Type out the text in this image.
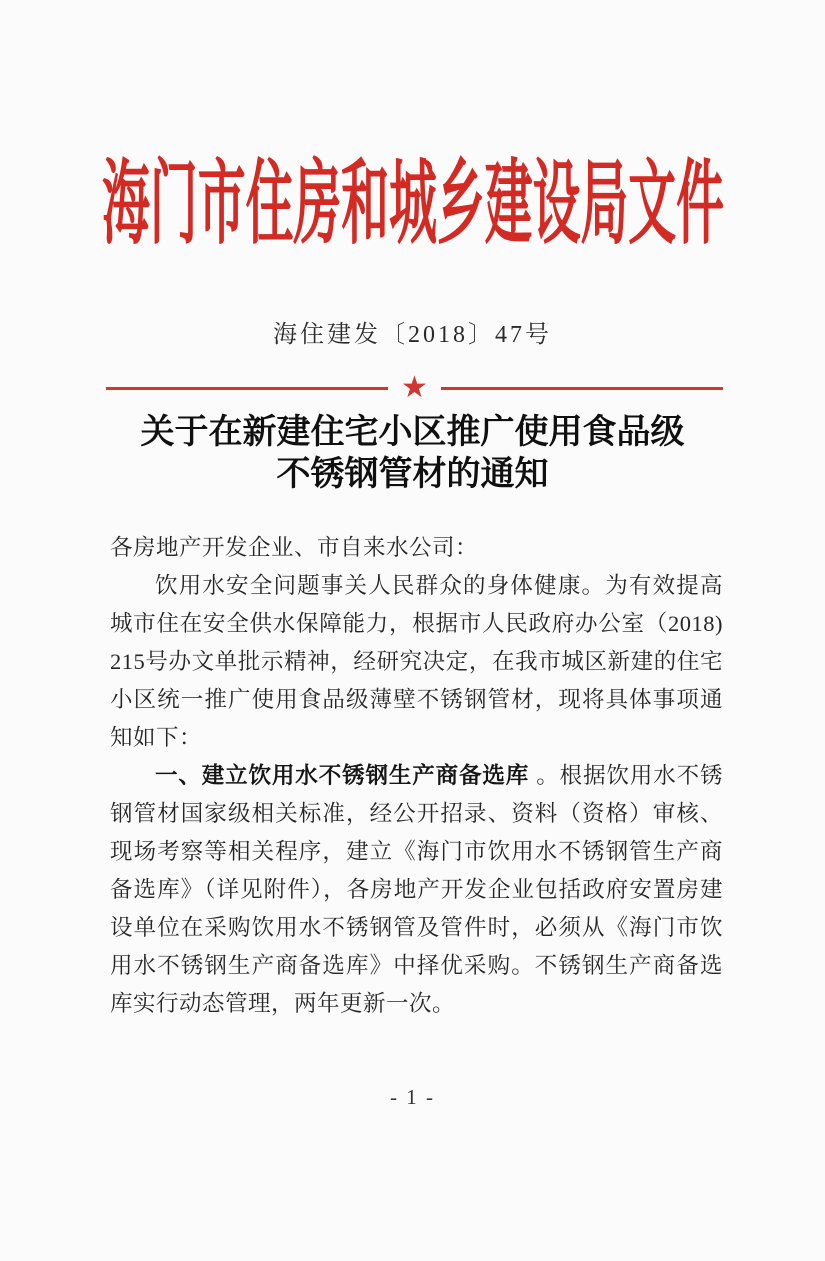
海门市住房和城乡建设局文件
海住建发〔2018〕47号
★
关于在新建住宅小区推广使用食品级
不锈钢管材的通知

各房地产开发企业、市自来水公司：

饮用水安全问题事关人民群众的身体健康。为有效提高城市住在安全供水保障能力，根据市人民政府办公室（2018) 215号办文单批示精神，经研究决定，在我市城区新建的住宅小区统一推广使用食品级薄壁不锈钢管材，现将具体事项通知如下：

一、建立饮用水不锈钢生产商备选库 。根据饮用水不锈钢管材国家级相关标准，经公开招录、资料（资格）审核、现场考察等相关程序，建立《海门市饮用水不锈钢管生产商备选库》（详见附件），各房地产开发企业包括政府安置房建设单位在采购饮用水不锈钢管及管件时，必须从《海门市饮用水不锈钢生产商备选库》中择优采购。不锈钢生产商备选库实行动态管理，两年更新一次。

- 1 -
